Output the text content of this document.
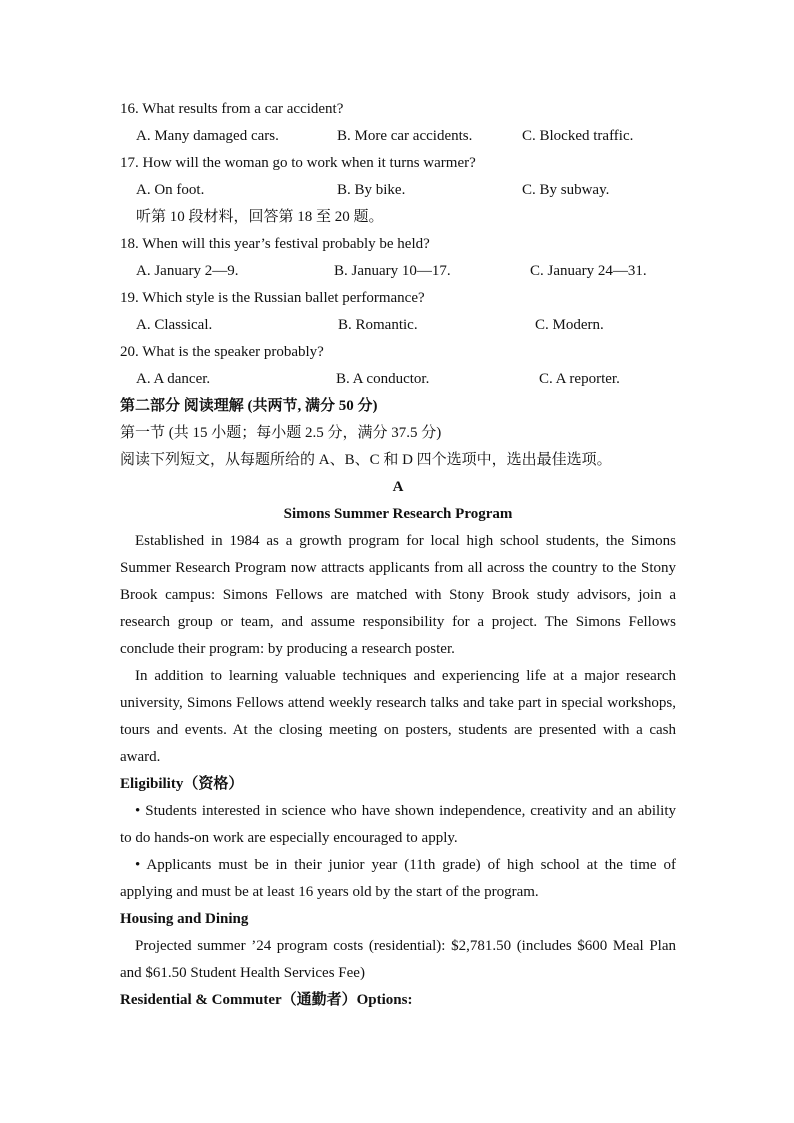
16. What results from a car accident?
A. Many damaged cars.	B. More car accidents.	C. Blocked traffic.
17. How will the woman go to work when it turns warmer?
A. On foot.	B. By bike.	C. By subway.
听第 10 段材料，回答第 18 至 20 题。
18. When will this year’s festival probably be held?
A. January 2—9.	B. January 10—17.	C. January 24—31.
19. Which style is the Russian ballet performance?
A. Classical.	B. Romantic.	C. Modern.
20. What is the speaker probably?
A. A dancer.	B. A conductor.	C. A reporter.
第二部分 阅读理解 (共两节, 满分 50 分)
第一节 (共 15 小题；每小题 2.5 分，满分 37.5 分)
阅读下列短文，从每题所给的 A、B、C 和 D 四个选项中，选出最佳选项。
A
Simons Summer Research Program
Established in 1984 as a growth program for local high school students, the Simons Summer Research Program now attracts applicants from all across the country to the Stony Brook campus: Simons Fellows are matched with Stony Brook study advisors, join a research group or team, and assume responsibility for a project. The Simons Fellows conclude their program: by producing a research poster.
In addition to learning valuable techniques and experiencing life at a major research university, Simons Fellows attend weekly research talks and take part in special workshops, tours and events. At the closing meeting on posters, students are presented with a cash award.
Eligibility（资格）
• Students interested in science who have shown independence, creativity and an ability to do hands-on work are especially encouraged to apply.
• Applicants must be in their junior year (11th grade) of high school at the time of applying and must be at least 16 years old by the start of the program.
Housing and Dining
Projected summer ’24 program costs (residential): $2,781.50 (includes $600 Meal Plan and $61.50 Student Health Services Fee)
Residential & Commuter（通勤者）Options:
